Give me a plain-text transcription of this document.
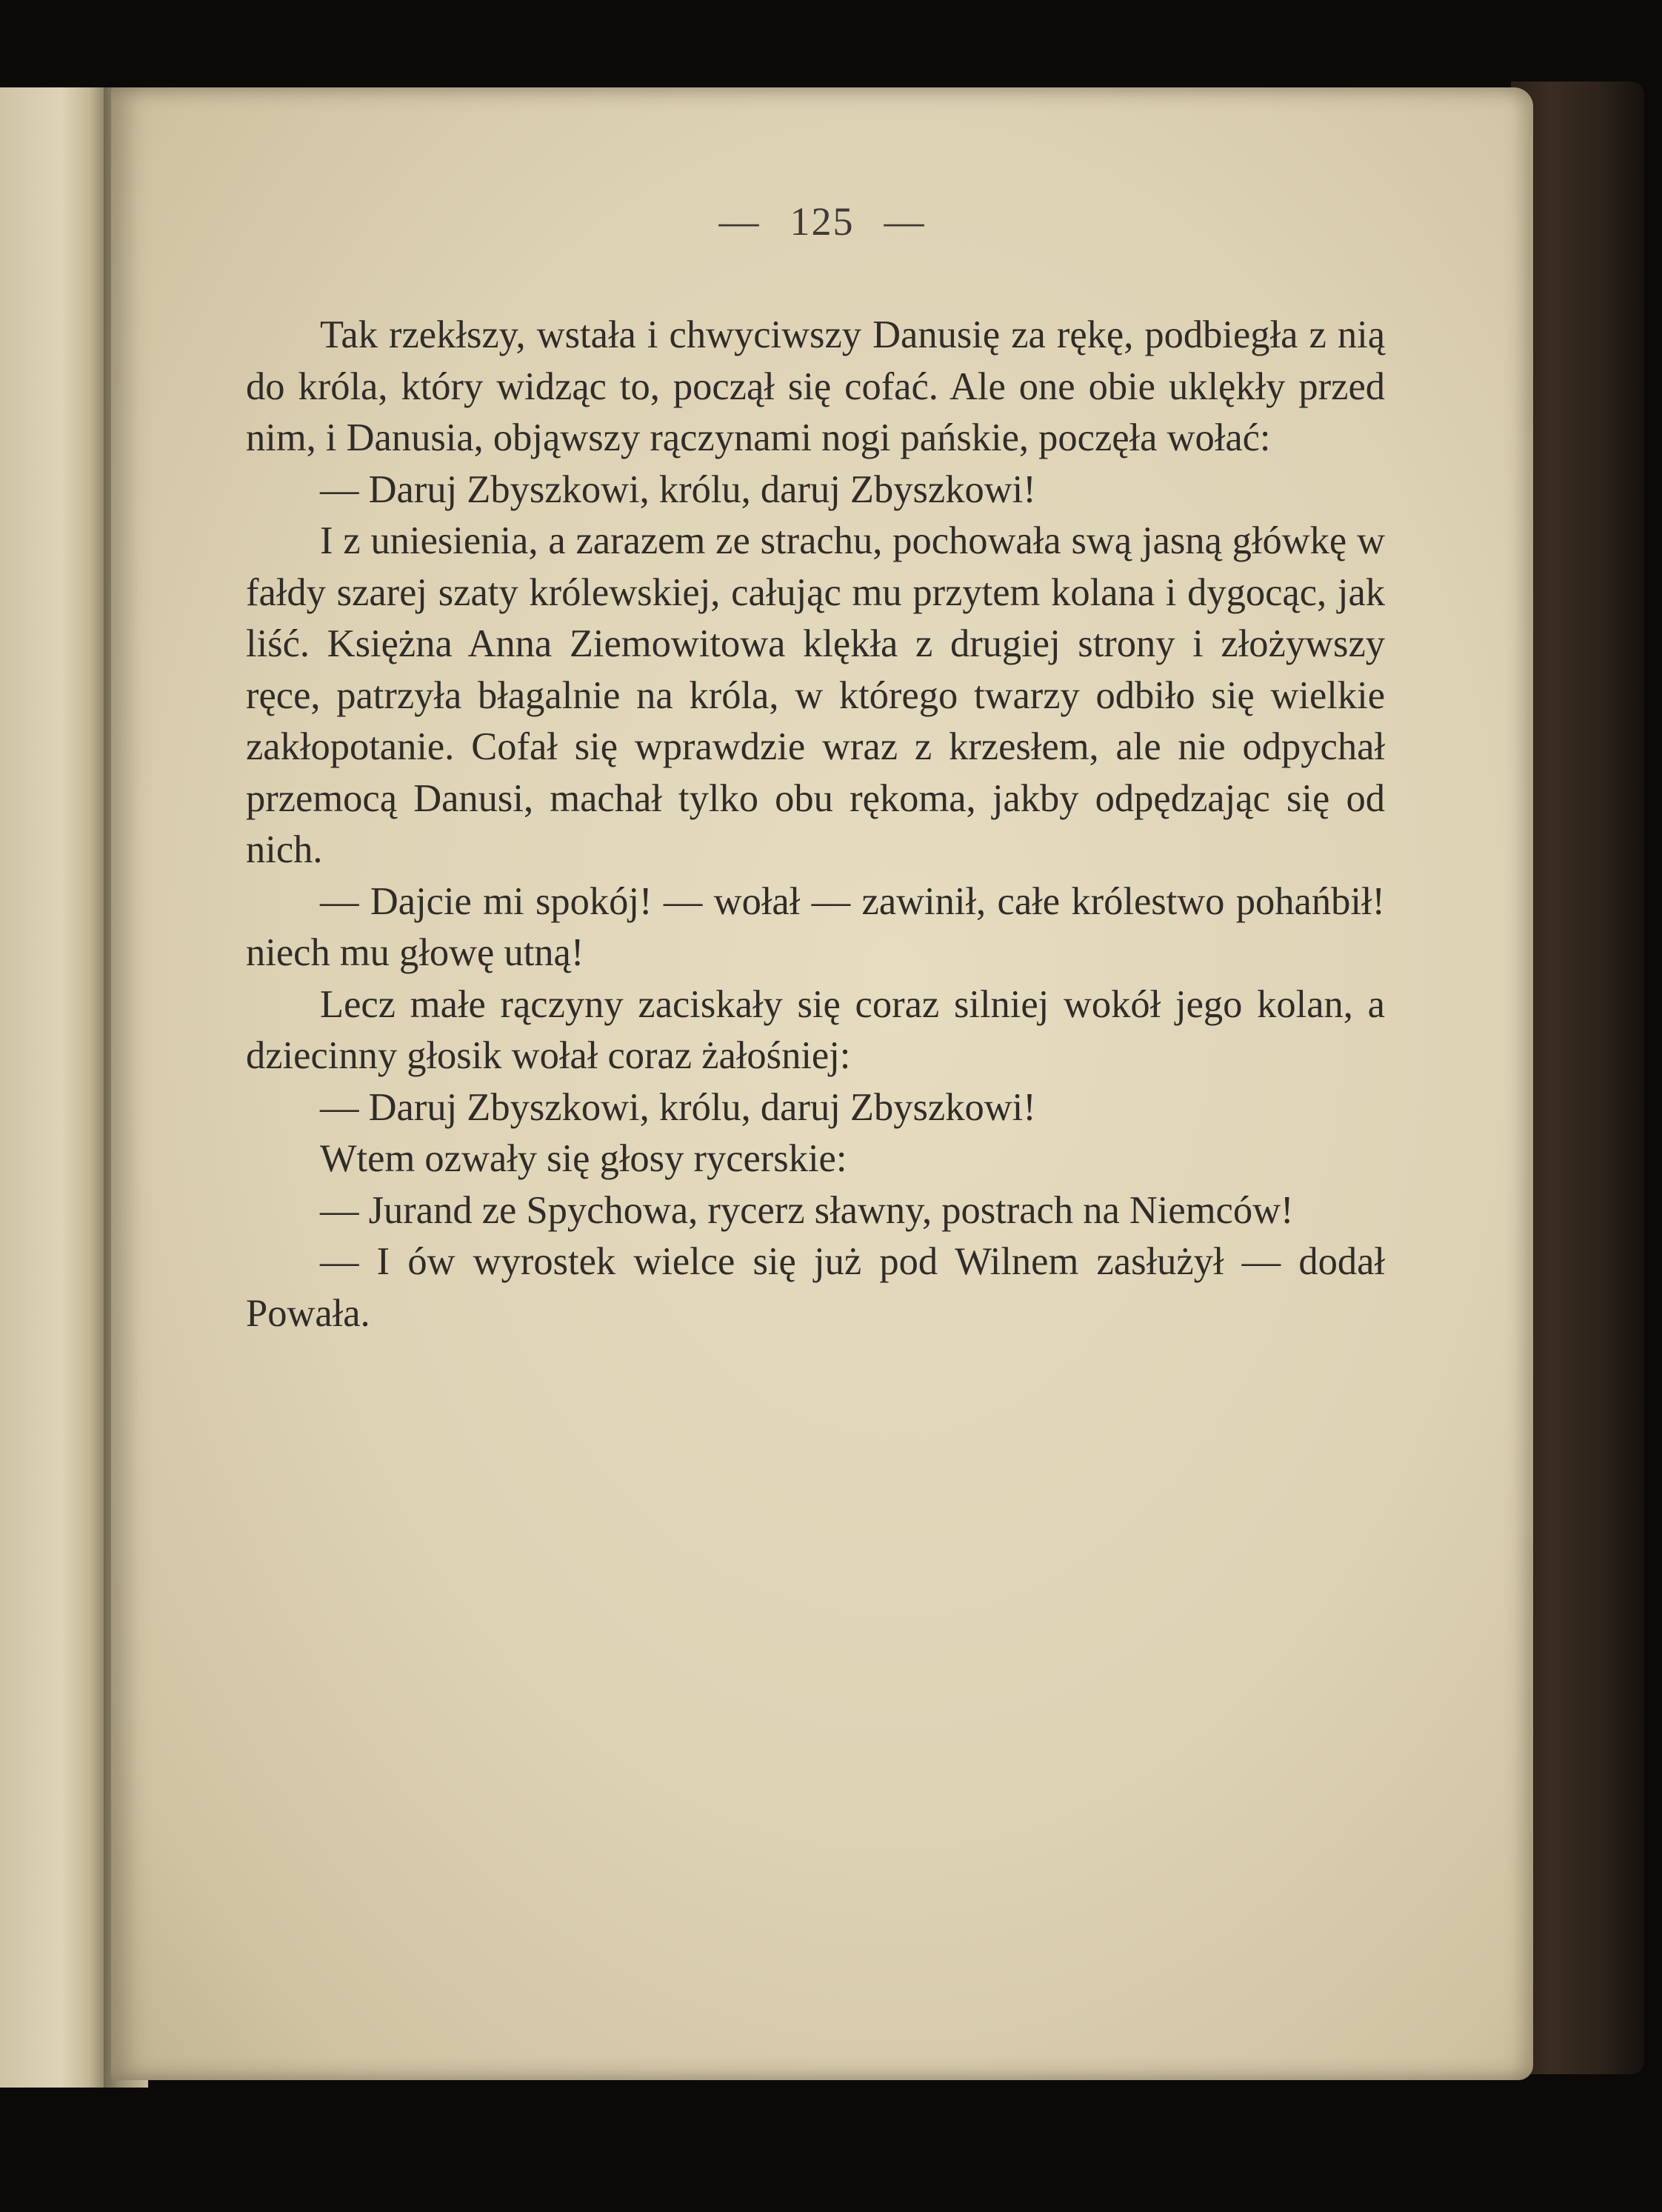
— 125 —

Tak rzekłszy, wstała i chwyciwszy Danusię za rękę, podbiegła z nią do króla, który widząc to, począł się cofać. Ale one obie uklękły przed nim, i Danusia, objąwszy rączynami nogi pańskie, poczęła wołać:

— Daruj Zbyszkowi, królu, daruj Zbyszkowi!

I z uniesienia, a zarazem ze strachu, pochowała swą jasną główkę w fałdy szarej szaty królewskiej, całując mu przytem kolana i dygocąc, jak liść. Księżna Anna Ziemowitowa klękła z drugiej strony i złożywszy ręce, patrzyła błagalnie na króla, w którego twarzy odbiło się wielkie zakłopotanie. Cofał się wprawdzie wraz z krzesłem, ale nie odpychał przemocą Danusi, machał tylko obu rękoma, jakby odpędzając się od nich.

— Dajcie mi spokój! — wołał — zawinił, całe królestwo pohańbił! niech mu głowę utną!

Lecz małe rączyny zaciskały się coraz silniej wokół jego kolan, a dziecinny głosik wołał coraz żałośniej:

— Daruj Zbyszkowi, królu, daruj Zbyszkowi!

Wtem ozwały się głosy rycerskie:

— Jurand ze Spychowa, rycerz sławny, postrach na Niemców!

— I ów wyrostek wielce się już pod Wilnem zasłużył — dodał Powała.
